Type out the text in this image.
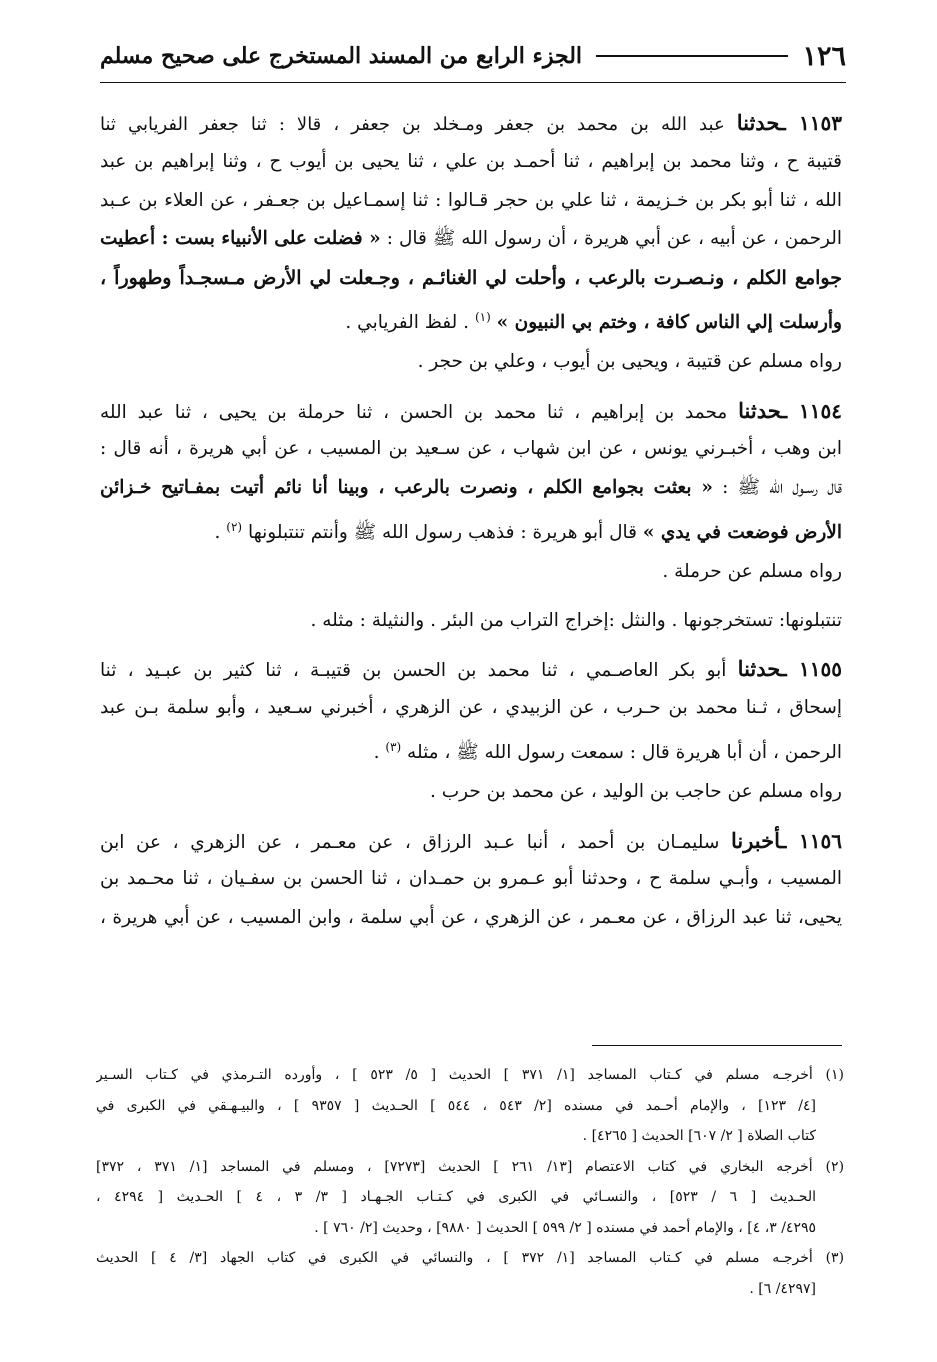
١٢٦
الجزء الرابع من المسند المستخرج على صحيح مسلم
١١٥٣ ـحدثنا عبد الله بن محمد بن جعفر ومـخلد بن جعفر ، قالا : ثنا جعفر الفريابي ثنا
قتيبة ح ، وثنا محمد بن إبراهيم ، ثنا أحمـد بن علي ، ثنا يحيى بن أيوب ح ، وثنا إبراهيم بن عبد
الله ، ثنا أبو بكر بن خـزيمة ، ثنا علي بن حجر قـالوا : ثنا إسمـاعيل بن جعـفر ، عن العلاء بن عـبد
الرحمن ، عن أبيه ، عن أبي هريرة ، أن رسول الله ﷺ قال : « فضلت على الأنبياء بست : أعطيت
جوامع الكلم ، ونـصـرت بالرعب ، وأحلت لي الغنائـم ، وجـعلت لي الأرض مـسجـداً وطهوراً ،
وأرسلت إلي الناس كافة ، وختم بي النبيون » $^{(١)}$ . لفظ الفريابي .
رواه مسلم عن قتيبة ، ويحيى بن أيوب ، وعلي بن حجر .
١١٥٤ ـحدثنا محمد بن إبراهيم ، ثنا محمد بن الحسن ، ثنا حرملة بن يحيى ، ثنا عبد الله
ابن وهب ، أخبـرني يونس ، عن ابن شهاب ، عن سـعيد بن المسيب ، عن أبي هريرة ، أنه قال :
قال رسـول الله ﷺ : « بعثت بجوامع الكلم ، ونصرت بالرعب ، وبينا أنا نائم أتيت بمفـاتيح خـزائن
الأرض فوضعت في يدي » قال أبو هريرة : فذهب رسول الله ﷺ وأنتم تنتبلونها $^{(٢)}$ .
رواه مسلم عن حرملة .
تنتبلونها: تستخرجونها . والنثل :إخراج التراب من البئر . والنثيلة : مثله .
١١٥٥ ـحدثنا أبو بكر العاصـمي ، ثنا محمد بن الحسن بن قتيبـة ، ثنا كثير بن عبـيد ، ثنا
إسحاق ، ثـنا محمد بن حـرب ، عن الزبيدي ، عن الزهري ، أخبرني سـعيد ، وأبو سلمة بـن عبد
الرحمن ، أن أبا هريرة قال : سمعت رسول الله ﷺ ، مثله $^{(٣)}$ .
رواه مسلم عن حاجب بن الوليد ، عن محمد بن حرب .
١١٥٦ ـأخبرنا سليمـان بن أحمد ، أنبا عـبد الرزاق ، عن معـمر ، عن الزهري ، عن ابن
المسيب ، وأبـي سلمة ح ، وحدثنا أبو عـمرو بن حمـدان ، ثنا الحسن بن سفـيان ، ثنا محـمد بن
يحيى، ثنا عبد الرزاق ، عن معـمر ، عن الزهري ، عن أبي سلمة ، وابن المسيب ، عن أبي هريرة ،
(١) أخرجـه مسلم في كـتاب المساجد [١/ ٣٧١ ] الحديث [ ٥/ ٥٢٣ ] ، وأورده التـرمذي في كـتاب السـير
[٤/ ١٢٣] ، والإمام أحـمد في مسنده [٢/ ٥٤٣ ، ٥٤٤ ] الحـديث [ ٩٣٥٧ ] ، والبيـهـقي في الكبرى في
كتاب الصلاة [ ٢/ ٦٠٧] الحديث [ ٤٢٦٥] .
(٢) أخرجه البخاري في كتاب الاعتصام [١٣/ ٢٦١ ] الحديث [٧٢٧٣] ، ومسلم في المساجد [١/ ٣٧١ ، ٣٧٢]
الحـديث [ ٦ / ٥٢٣] ، والنسـائي في الكبرى في كـتـاب الجـهـاد [ ٣/ ٣ ، ٤ ] الحـديث [ ٤٢٩٤ ،
٤٢٩٥/ ٣، ٤] ، والإمام أحمد في مسنده [ ٢/ ٥٩٩ ] الحديث [ ٩٨٨٠] ، وحديث [٢/ ٧٦٠ ] .
(٣) أخرجـه مسلم في كـتاب المساجد [١/ ٣٧٢ ] ، والنسائي في الكبرى في كتاب الجهاد [٣/ ٤ ] الحديث
[٤٢٩٧/ ٦] .
